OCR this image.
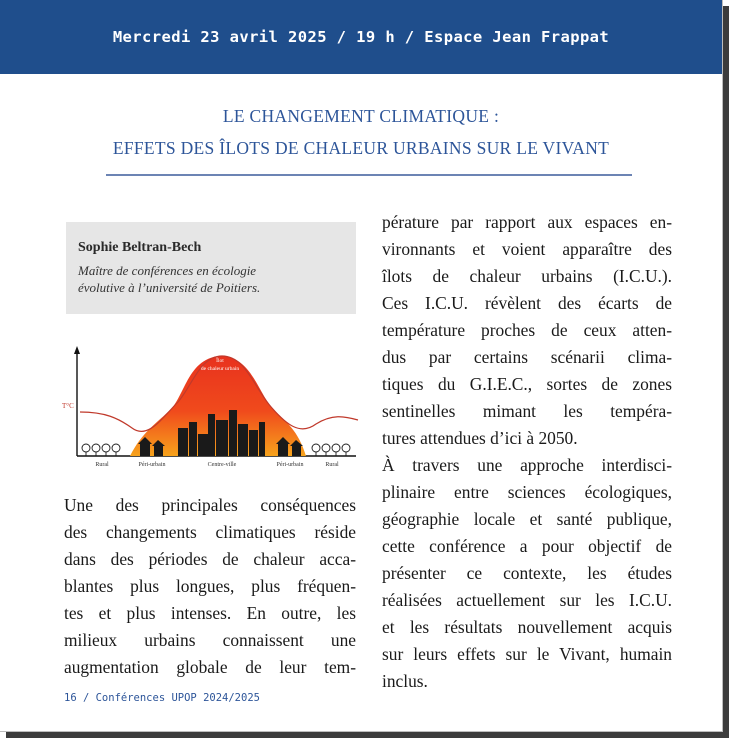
Mercredi 23 avril 2025 / 19 h / Espace Jean Frappat
LE CHANGEMENT CLIMATIQUE :
EFFETS DES ÎLOTS DE CHALEUR URBAINS SUR LE VIVANT
Sophie Beltran-Bech
Maître de conférences en écologie
évolutive à l’université de Poitiers.
T°C
Îlot
de chaleur urbain
Rural	Péri-urbain	Centre-ville	Péri-urbain	Rural
Une des principales conséquences
des changements climatiques réside
dans des périodes de chaleur acca-
blantes plus longues, plus fréquen-
tes et plus intenses. En outre, les
milieux urbains connaissent une
augmentation globale de leur tem-
pérature par rapport aux espaces en-
vironnants et voient apparaître des
îlots de chaleur urbains (I.C.U.).
Ces I.C.U. révèlent des écarts de
température proches de ceux atten-
dus par certains scénarii clima-
tiques du G.I.E.C., sortes de zones
sentinelles mimant les tempéra-
tures attendues d’ici à 2050.
À travers une approche interdisci-
plinaire entre sciences écologiques,
géographie locale et santé publique,
cette conférence a pour objectif de
présenter ce contexte, les études
réalisées actuellement sur les I.C.U.
et les résultats nouvellement acquis
sur leurs effets sur le Vivant, humain
inclus.
16 / Conférences UPOP 2024/2025
